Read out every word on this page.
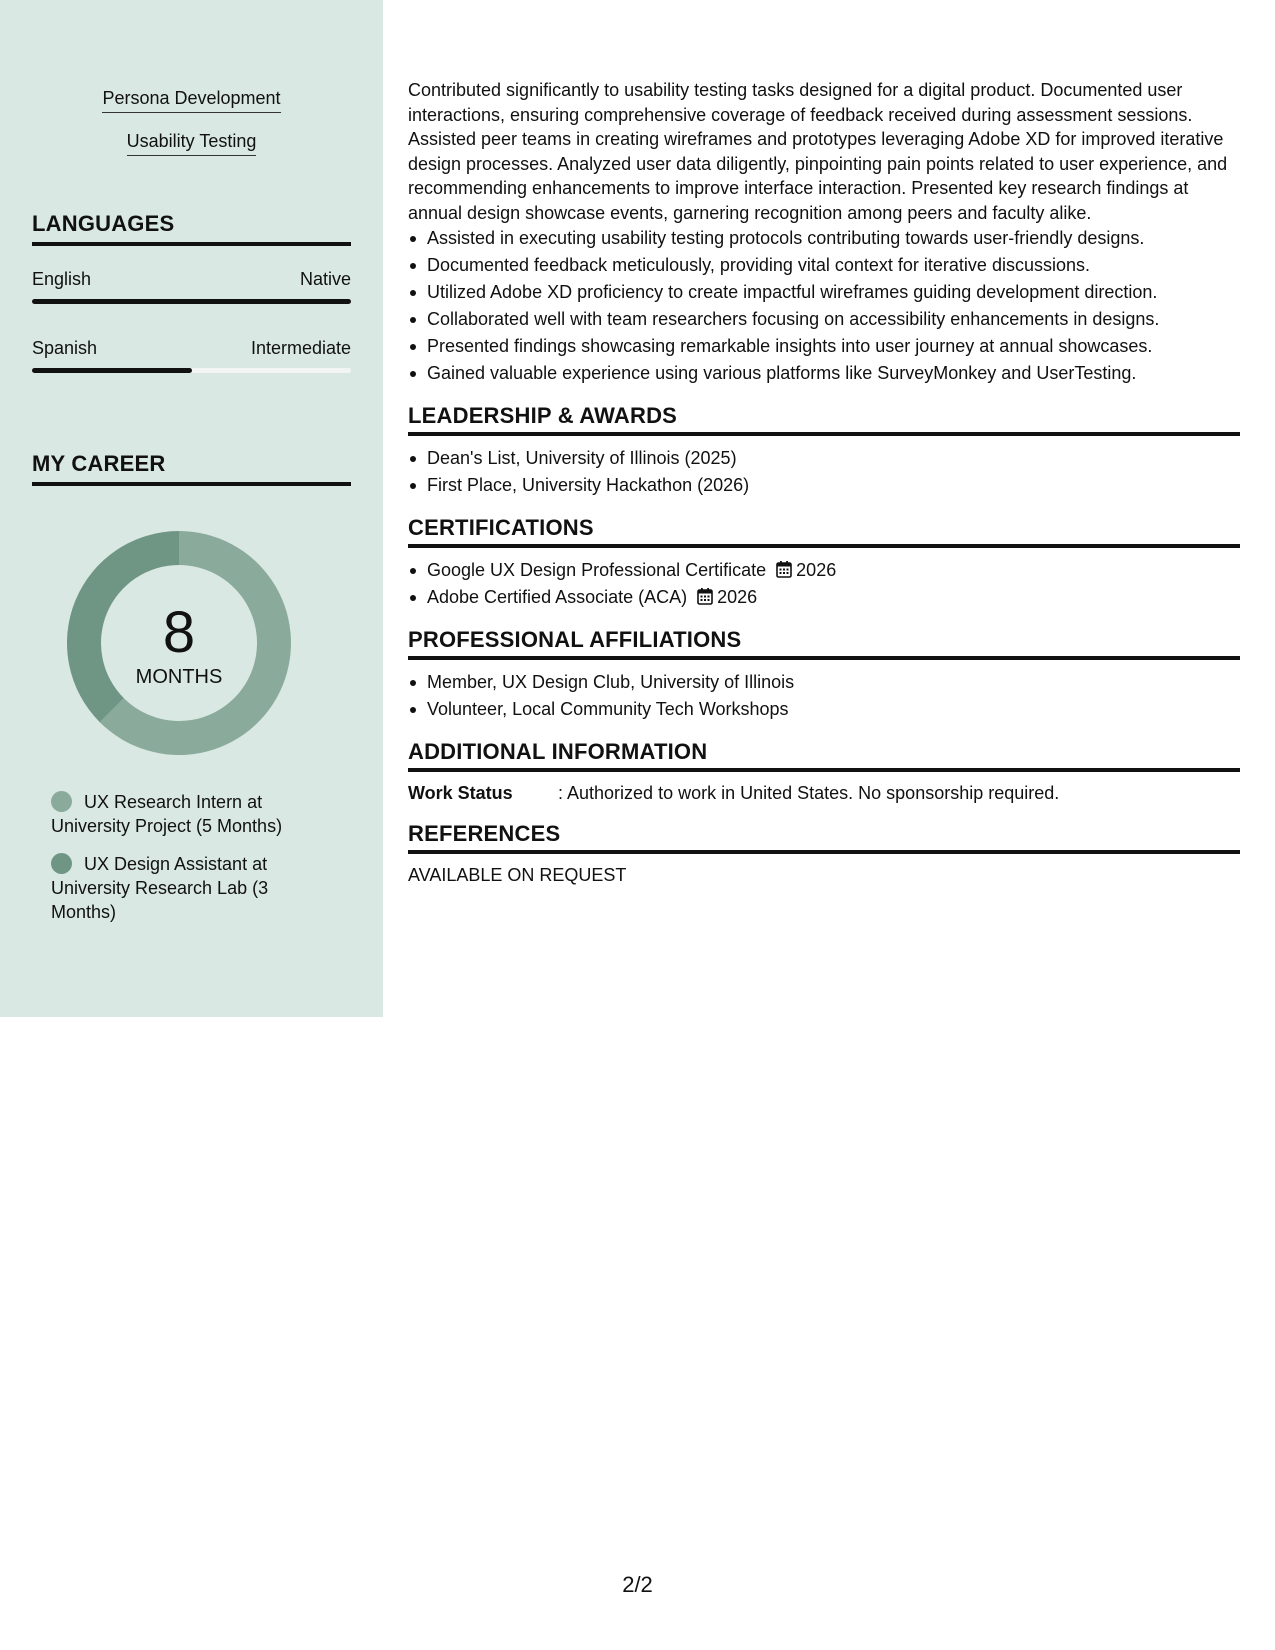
Persona Development
Usability Testing
LANGUAGES
English	Native
Spanish	Intermediate
MY CAREER
8
MONTHS
UX Research Intern at University Project (5 Months)
UX Design Assistant at University Research Lab (3 Months)

Contributed significantly to usability testing tasks designed for a digital product. Documented user interactions, ensuring comprehensive coverage of feedback received during assessment sessions. Assisted peer teams in creating wireframes and prototypes leveraging Adobe XD for improved iterative design processes. Analyzed user data diligently, pinpointing pain points related to user experience, and recommending enhancements to improve interface interaction. Presented key research findings at annual design showcase events, garnering recognition among peers and faculty alike.

Assisted in executing usability testing protocols contributing towards user-friendly designs.
Documented feedback meticulously, providing vital context for iterative discussions.
Utilized Adobe XD proficiency to create impactful wireframes guiding development direction.
Collaborated well with team researchers focusing on accessibility enhancements in designs.
Presented findings showcasing remarkable insights into user journey at annual showcases.
Gained valuable experience using various platforms like SurveyMonkey and UserTesting.
LEADERSHIP & AWARDS
Dean's List, University of Illinois (2025)
First Place, University Hackathon (2026)
CERTIFICATIONS
Google UX Design Professional Certificate 2026
Adobe Certified Associate (ACA) 2026
PROFESSIONAL AFFILIATIONS
Member, UX Design Club, University of Illinois
Volunteer, Local Community Tech Workshops
ADDITIONAL INFORMATION
Work Status	: Authorized to work in United States. No sponsorship required.
REFERENCES
AVAILABLE ON REQUEST
2/2
